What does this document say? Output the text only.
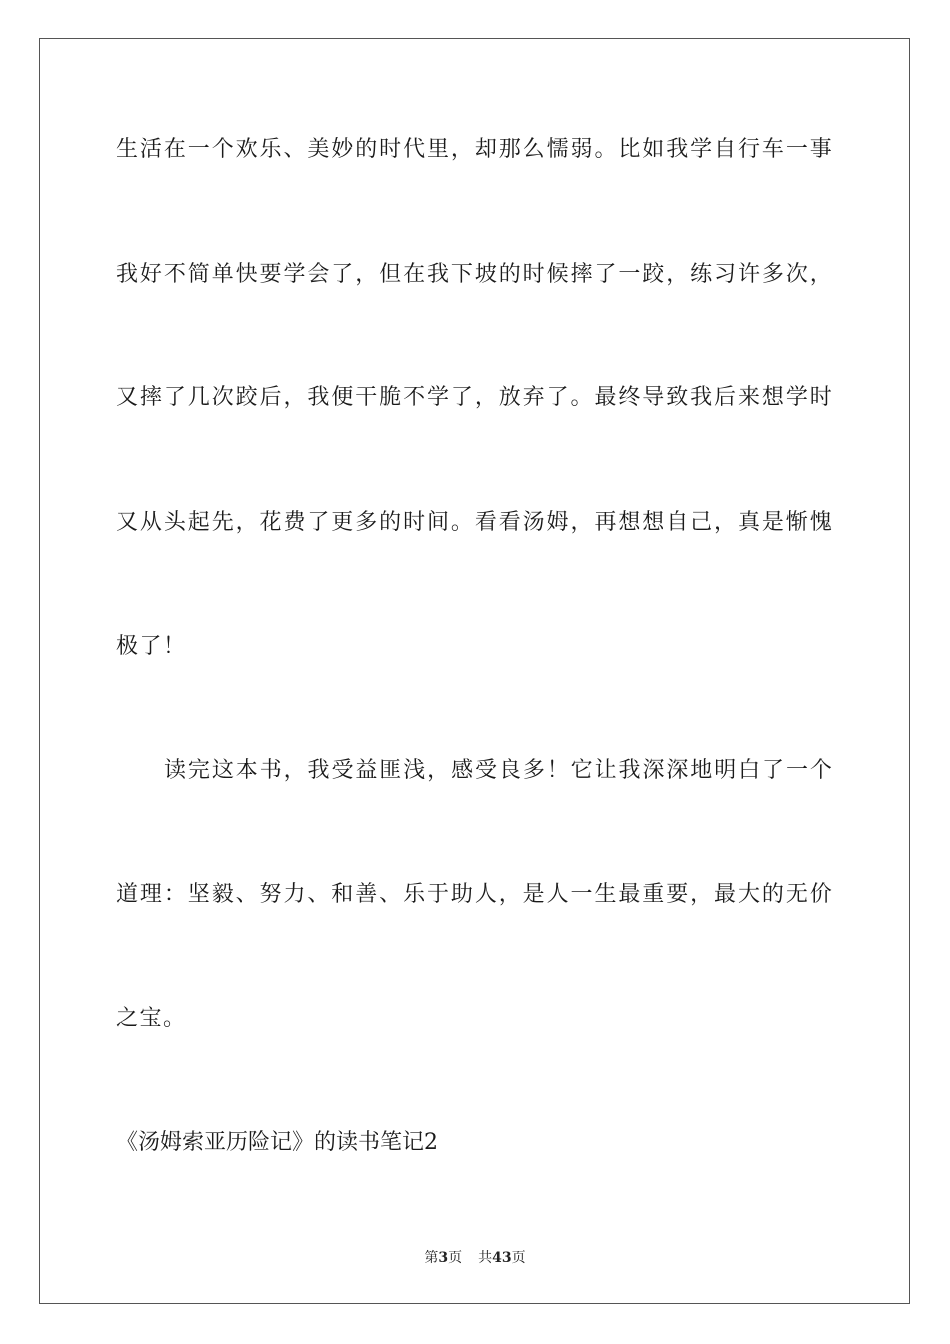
生 活 在 一 个 欢 乐 、 美 妙 的 时 代 里 ， 却 那 么 懦 弱 。 比 如 我 学 自 行 车 一 事
我 好 不 简 单 快 要 学 会 了 ， 但 在 我 下 坡 的 时 候 摔 了 一 跤 ， 练 习 许 多 次 ，
又 摔 了 几 次 跤 后 ， 我 便 干 脆 不 学 了 ， 放 弃 了 。 最 终 导 致 我 后 来 想 学 时
又 从 头 起 先 ， 花 费 了 更 多 的 时 间 。 看 看 汤 姆 ， 再 想 想 自 己 ， 真 是 惭 愧
极了！
读 完 这 本 书 ， 我 受 益 匪 浅 ， 感 受 良 多 ！ 它 让 我 深 深 地 明 白 了 一 个
道 理 ： 坚 毅 、 努 力 、 和 善 、 乐 于 助 人 ， 是 人 一 生 最 重 要 ， 最 大 的 无 价
之宝。
《汤姆索亚历险记》的读书笔记2
第3页 共43页
